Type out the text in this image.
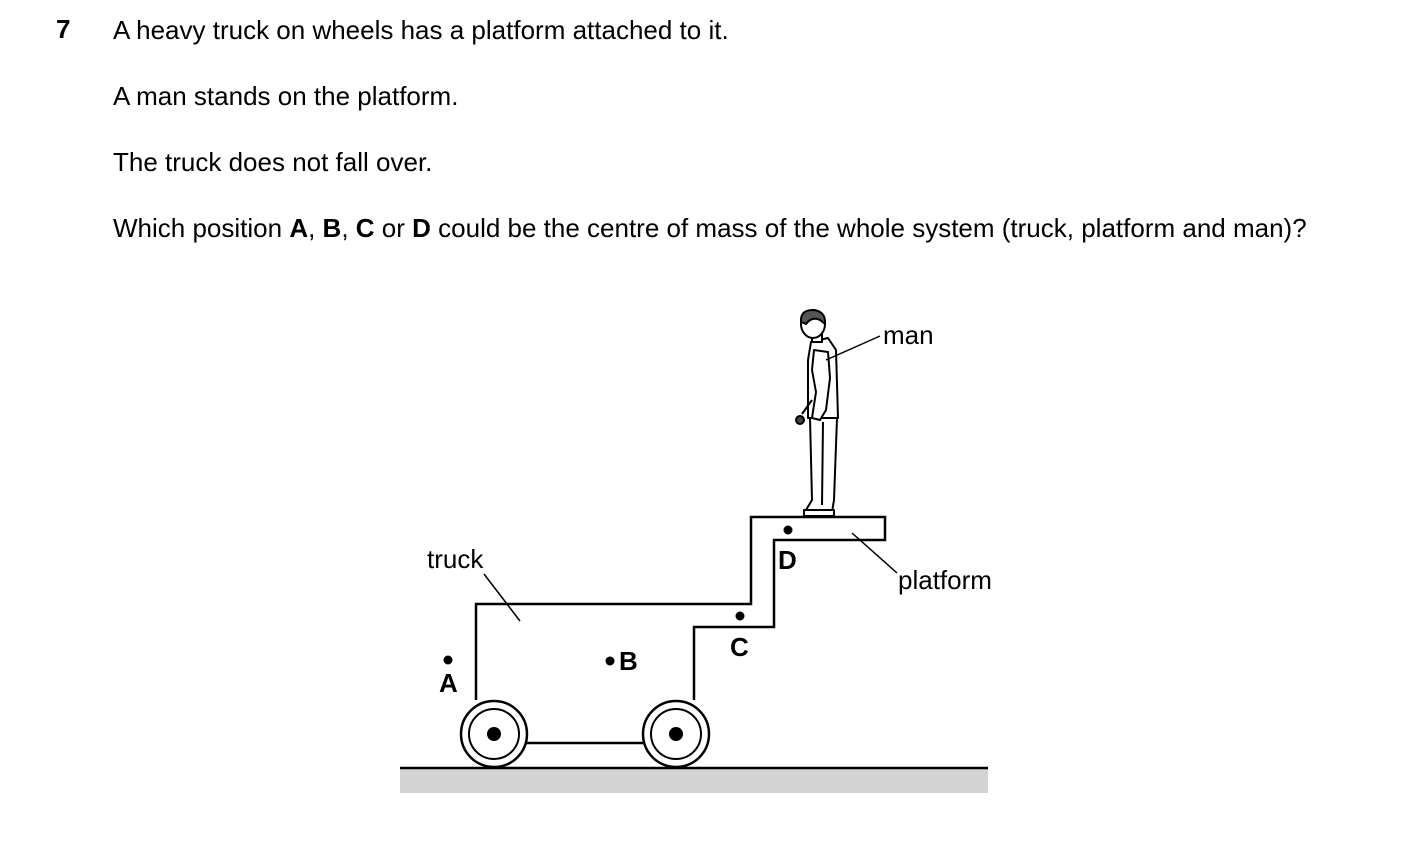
7 A heavy truck on wheels has a platform attached to it.
A man stands on the platform.
The truck does not fall over.
Which position A, B, C or D could be the centre of mass of the whole system (truck, platform and man)?
man
truck
platform
A
B	C
D
